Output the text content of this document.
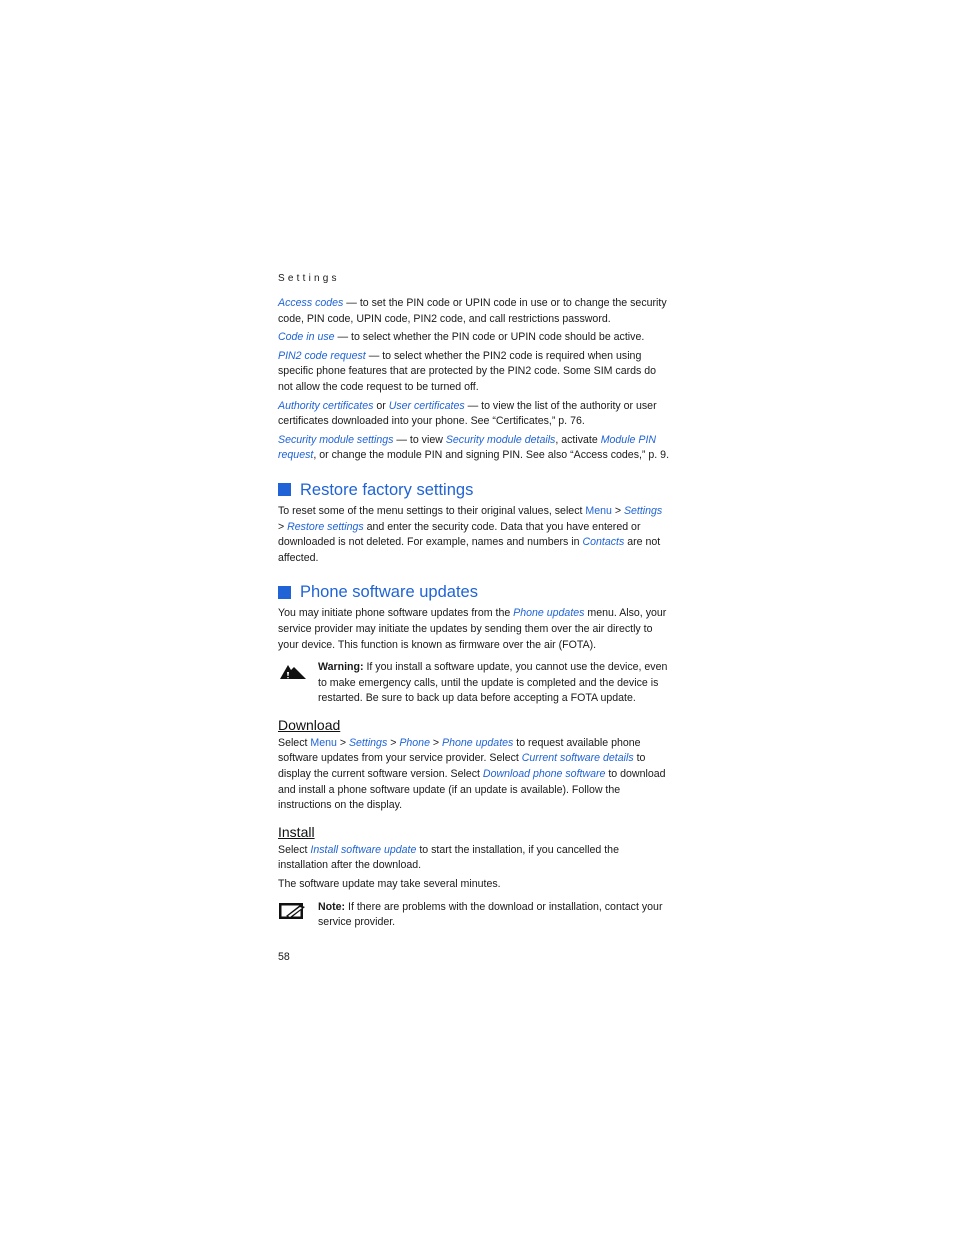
Settings

Access codes — to set the PIN code or UPIN code in use or to change the security code, PIN code, UPIN code, PIN2 code, and call restrictions password.

Code in use — to select whether the PIN code or UPIN code should be active.

PIN2 code request — to select whether the PIN2 code is required when using specific phone features that are protected by the PIN2 code. Some SIM cards do not allow the code request to be turned off.

Authority certificates or User certificates — to view the list of the authority or user certificates downloaded into your phone. See “Certificates,” p. 76.

Security module settings — to view Security module details, activate Module PIN request, or change the module PIN and signing PIN. See also “Access codes,” p. 9.

Restore factory settings

To reset some of the menu settings to their original values, select Menu > Settings > Restore settings and enter the security code. Data that you have entered or downloaded is not deleted. For example, names and numbers in Contacts are not affected.

Phone software updates

You may initiate phone software updates from the Phone updates menu. Also, your service provider may initiate the updates by sending them over the air directly to your device. This function is known as firmware over the air (FOTA).

Warning: If you install a software update, you cannot use the device, even to make emergency calls, until the update is completed and the device is restarted. Be sure to back up data before accepting a FOTA update.

Download

Select Menu > Settings > Phone > Phone updates to request available phone software updates from your service provider. Select Current software details to display the current software version. Select Download phone software to download and install a phone software update (if an update is available). Follow the instructions on the display.

Install

Select Install software update to start the installation, if you cancelled the installation after the download.

The software update may take several minutes.

Note: If there are problems with the download or installation, contact your service provider.

58
